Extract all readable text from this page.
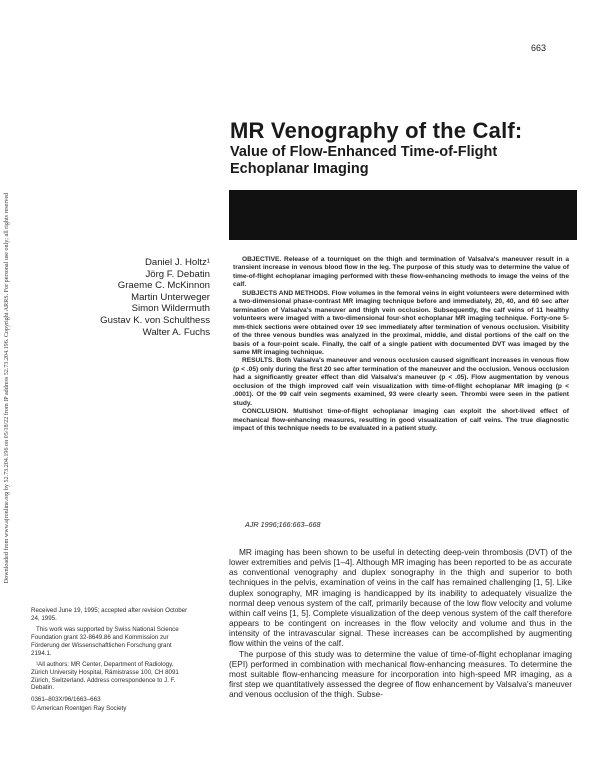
Downloaded from www.ajronline.org by 52.73.204.196 on 05/18/22 from IP address 52.73.204.196. Copyright ARRS. For personal use only; all rights reserved
663
MR Venography of the Calf:
Value of Flow-Enhanced Time-of-Flight
Echoplanar Imaging
Daniel J. Holtz¹
Jörg F. Debatin
Graeme C. McKinnon
Martin Unterweger
Simon Wildermuth
Gustav K. von Schulthess
Walter A. Fuchs

OBJECTIVE. Release of a tourniquet on the thigh and termination of Valsalva's maneuver result in a transient increase in venous blood flow in the leg. The purpose of this study was to determine the value of time-of-flight echoplanar imaging performed with these flow-enhancing methods to image the veins of the calf.

SUBJECTS AND METHODS. Flow volumes in the femoral veins in eight volunteers were determined with a two-dimensional phase-contrast MR imaging technique before and immediately, 20, 40, and 60 sec after termination of Valsalva's maneuver and thigh vein occlusion. Subsequently, the calf veins of 11 healthy volunteers were imaged with a two-dimensional four-shot echoplanar MR imaging technique. Forty-one 5-mm-thick sections were obtained over 19 sec immediately after termination of venous occlusion. Visibility of the three venous bundles was analyzed in the proximal, middle, and distal portions of the calf on the basis of a four-point scale. Finally, the calf of a single patient with documented DVT was imaged by the same MR imaging technique.

RESULTS. Both Valsalva's maneuver and venous occlusion caused significant increases in venous flow (p < .05) only during the first 20 sec after termination of the maneuver and the occlusion. Venous occlusion had a significantly greater effect than did Valsalva's maneuver (p < .05). Flow augmentation by venous occlusion of the thigh improved calf vein visualization with time-of-flight echoplanar MR imaging (p < .0001). Of the 99 calf vein segments examined, 93 were clearly seen. Thrombi were seen in the patient study.

CONCLUSION. Multishot time-of-flight echoplanar imaging can exploit the short-lived effect of mechanical flow-enhancing measures, resulting in good visualization of calf veins. The true diagnostic impact of this technique needs to be evaluated in a patient study.

AJR 1996;166:663–668

MR imaging has been shown to be useful in detecting deep-vein thrombosis (DVT) of the lower extremities and pelvis [1–4]. Although MR imaging has been reported to be as accurate as conventional venography and duplex sonography in the thigh and superior to both techniques in the pelvis, examination of veins in the calf has remained challenging [1, 5]. Like duplex sonography, MR imaging is handicapped by its inability to adequately visualize the normal deep venous system of the calf, primarily because of the low flow velocity and volume within calf veins [1, 5]. Complete visualization of the deep venous system of the calf therefore appears to be contingent on increases in the flow velocity and volume and thus in the intensity of the intravascular signal. These increases can be accomplished by augmenting flow within the veins of the calf.

The purpose of this study was to determine the value of time-of-flight echoplanar imaging (EPI) performed in combination with mechanical flow-enhancing measures. To determine the most suitable flow-enhancing measure for incorporation into high-speed MR imaging, as a first step we quantitatively assessed the degree of flow enhancement by Valsalva's maneuver and venous occlusion of the thigh. Subse-

Received June 19, 1995; accepted after revision October 24, 1995.

This work was supported by Swiss National Science Foundation grant 32-8649.86 and Kommission zur Förderung der Wissenschaftlichen Forschung grant 2194.1.

¹All authors: MR Center, Department of Radiology, Zürich University Hospital, Rämistrasse 100, CH 8091 Zürich, Switzerland. Address correspondence to J. F. Debatin.

0361–803X/96/1663–663

© American Roentgen Ray Society
